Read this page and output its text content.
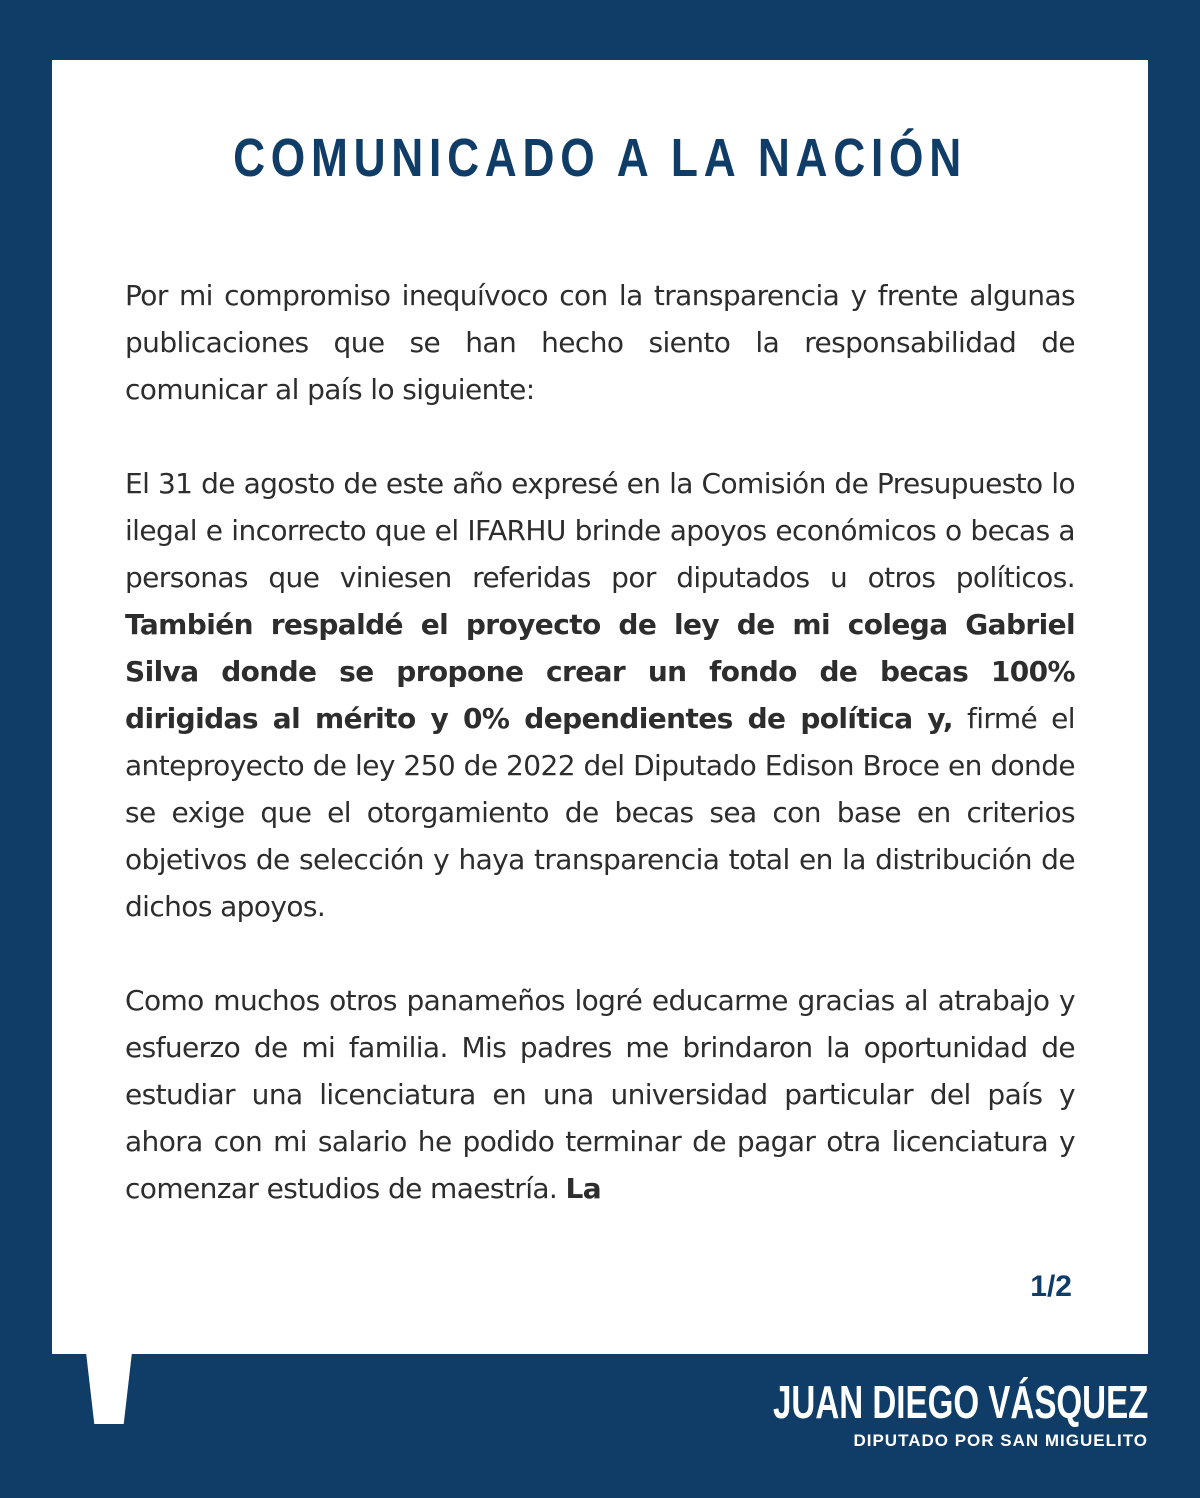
COMUNICADO A LA NACIÓN

Por mi compromiso inequívoco con la transparencia y frente algunas publicaciones que se han hecho siento la responsabilidad de comunicar al país lo siguiente:

El 31 de agosto de este año expresé en la Comisión de Presupuesto lo ilegal e incorrecto que el IFARHU brinde apoyos económicos o becas a personas que viniesen referidas por diputados u otros políticos. También respaldé el proyecto de ley de mi colega Gabriel Silva donde se propone crear un fondo de becas 100% dirigidas al mérito y 0% dependientes de política y, firmé el anteproyecto de ley 250 de 2022 del Diputado Edison Broce en donde se exige que el otorgamiento de becas sea con base en criterios objetivos de selección y haya transparencia total en la distribución de dichos apoyos.

Como muchos otros panameños logré educarme gracias al atrabajo y esfuerzo de mi familia. Mis padres me brindaron la oportunidad de estudiar una licenciatura en una universidad particular del país y ahora con mi salario he podido terminar de pagar otra licenciatura y comenzar estudios de maestría. La

1/2
JUAN DIEGO VÁSQUEZ
DIPUTADO POR SAN MIGUELITO
